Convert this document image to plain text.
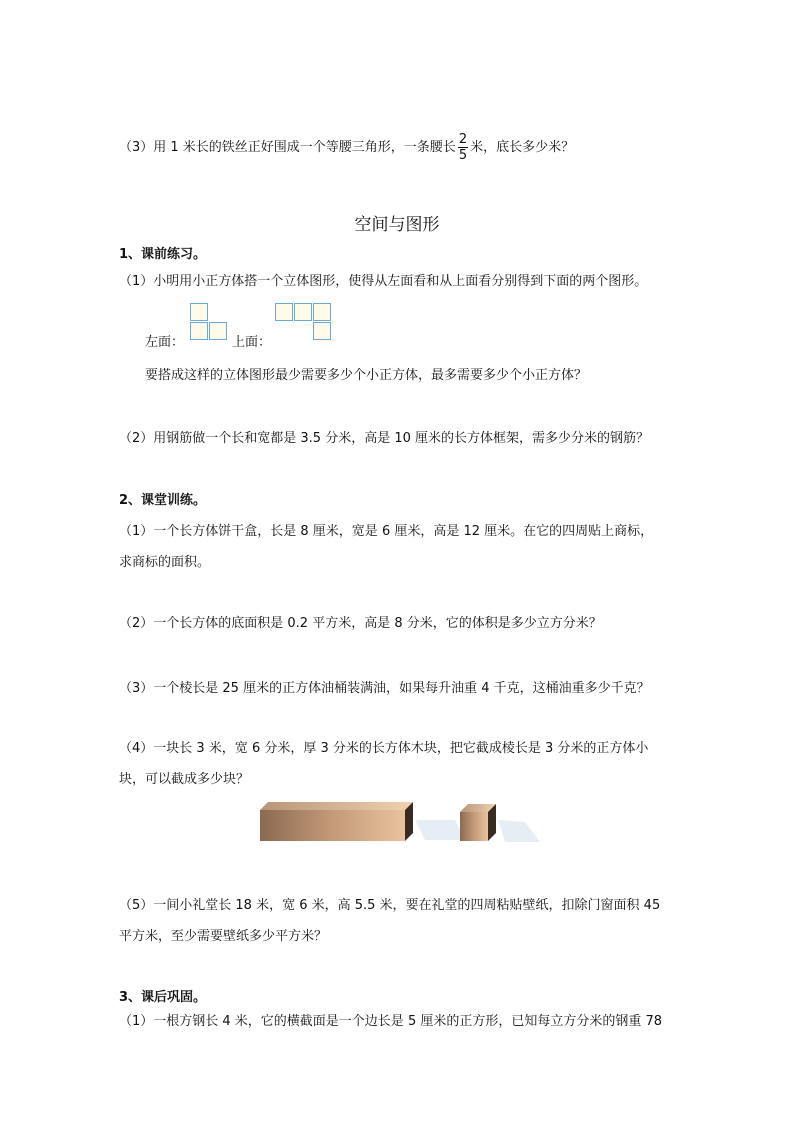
（3）用 1 米长的铁丝正好围成一个等腰三角形，一条腰长 $\frac{2}{5}$ 米，底长多少米？
空间与图形
1、课前练习。
（1）小明用小正方体搭一个立体图形，使得从左面看和从上面看分别得到下面的两个图形。
左面：	上面：
要搭成这样的立体图形最少需要多少个小正方体，最多需要多少个小正方体？
（2）用钢筋做一个长和宽都是 3.5 分米，高是 10 厘米的长方体框架，需多少分米的钢筋？
2、课堂训练。
（1）一个长方体饼干盒，长是 8 厘米，宽是 6 厘米，高是 12 厘米。在它的四周贴上商标，
求商标的面积。
（2）一个长方体的底面积是 0.2 平方米，高是 8 分米，它的体积是多少立方分米？
（3）一个棱长是 25 厘米的正方体油桶装满油，如果每升油重 4 千克，这桶油重多少千克？
（4）一块长 3 米，宽 6 分米，厚 3 分米的长方体木块，把它截成棱长是 3 分米的正方体小
块，可以截成多少块？
（5）一间小礼堂长 18 米，宽 6 米，高 5.5 米，要在礼堂的四周粘贴壁纸，扣除门窗面积 45
平方米，至少需要壁纸多少平方米？
3、课后巩固。
（1）一根方钢长 4 米，它的横截面是一个边长是 5 厘米的正方形，已知每立方分米的钢重 78
